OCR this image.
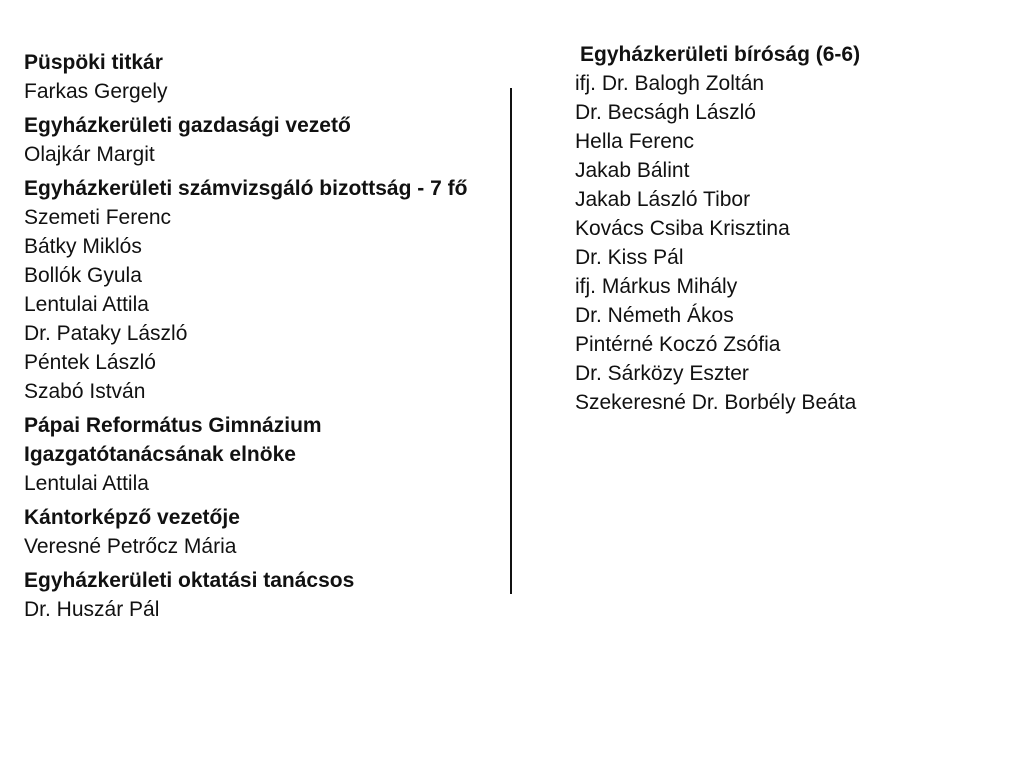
Püspöki titkár

Farkas Gergely

Egyházkerületi gazdasági vezető

Olajkár Margit

Egyházkerületi számvizsgáló bizottság - 7 fő

Szemeti Ferenc
Bátky Miklós
Bollók Gyula
Lentulai Attila
Dr. Pataky László
Péntek László
Szabó István

Pápai Református Gimnázium Igazgatótanácsának elnöke

Lentulai Attila

Kántorképző vezetője

Veresné Petrőcz Mária

Egyházkerületi oktatási tanácsos

Dr. Huszár Pál

Egyházkerületi bíróság (6-6)

ifj. Dr. Balogh Zoltán
Dr. Becságh László
Hella Ferenc
Jakab Bálint
Jakab László Tibor
Kovács Csiba Krisztina
Dr. Kiss Pál
ifj. Márkus Mihály
Dr. Németh Ákos
Pintérné Koczó Zsófia
Dr. Sárközy Eszter
Szekeresné Dr. Borbély Beáta
